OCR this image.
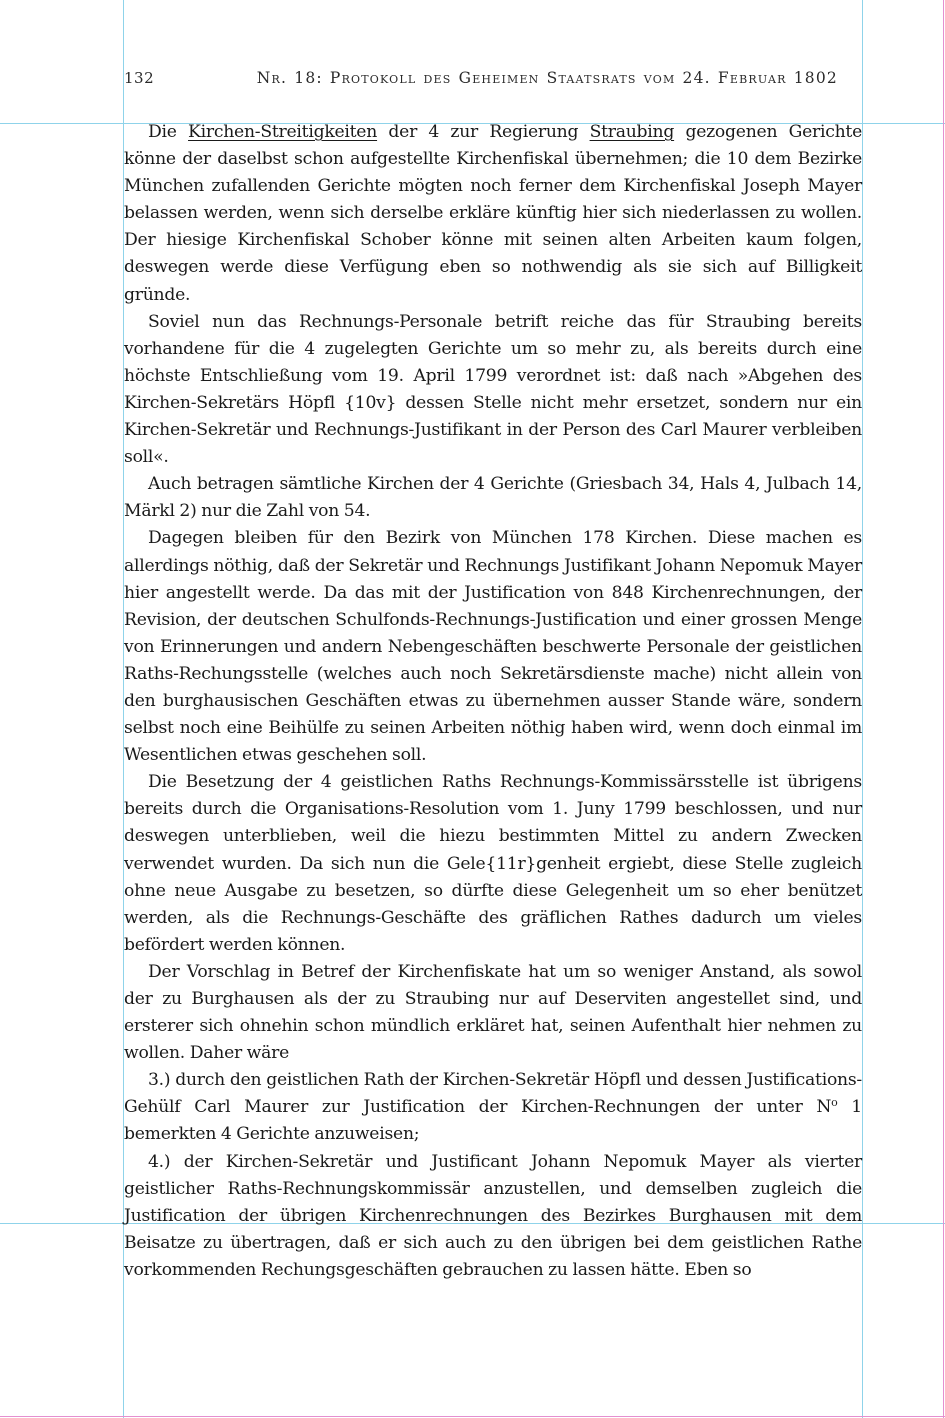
132	Nr. 18: Protokoll des Geheimen Staatsrats vom 24. Februar 1802

Die Kirchen-Streitigkeiten der 4 zur Regierung Straubing gezogenen Gerichte könne der daselbst schon aufgestellte Kirchenfiskal übernehmen; die 10 dem Bezirke München zufallenden Gerichte mögten noch ferner dem Kirchenfiskal Joseph Mayer belassen werden, wenn sich derselbe erkläre künftig hier sich niederlassen zu wollen. Der hiesige Kirchenfiskal Schober könne mit seinen alten Arbeiten kaum folgen, deswegen werde diese Verfügung eben so nothwendig als sie sich auf Billigkeit gründe.

Soviel nun das Rechnungs-Personale betrift reiche das für Straubing bereits vorhandene für die 4 zugelegten Gerichte um so mehr zu, als bereits durch eine höchste Entschließung vom 19. April 1799 verordnet ist: daß nach »Abgehen des Kirchen-Sekretärs Höpfl {10v} dessen Stelle nicht mehr ersetzet, sondern nur ein Kirchen-Sekretär und Rechnungs-Justifikant in der Person des Carl Maurer verbleiben soll«.

Auch betragen sämtliche Kirchen der 4 Gerichte (Griesbach 34, Hals 4, Julbach 14, Märkl 2) nur die Zahl von 54.

Dagegen bleiben für den Bezirk von München 178 Kirchen. Diese machen es allerdings nöthig, daß der Sekretär und Rechnungs Justifikant Johann Nepomuk Mayer hier angestellt werde. Da das mit der Justification von 848 Kirchenrechnungen, der Revision, der deutschen Schulfonds-Rechnungs-Justification und einer grossen Menge von Erinnerungen und andern Nebengeschäften beschwerte Personale der geistlichen Raths-Rechungsstelle (welches auch noch Sekretärsdienste mache) nicht allein von den burghausischen Geschäften etwas zu übernehmen ausser Stande wäre, sondern selbst noch eine Beihülfe zu seinen Arbeiten nöthig haben wird, wenn doch einmal im Wesentlichen etwas geschehen soll.

Die Besetzung der 4 geistlichen Raths Rechnungs-Kommissärsstelle ist übrigens bereits durch die Organisations-Resolution vom 1. Juny 1799 beschlossen, und nur deswegen unterblieben, weil die hiezu bestimmten Mittel zu andern Zwecken verwendet wurden. Da sich nun die Gele{11r}genheit ergiebt, diese Stelle zugleich ohne neue Ausgabe zu besetzen, so dürfte diese Gelegenheit um so eher benützet werden, als die Rechnungs-Geschäfte des gräflichen Rathes dadurch um vieles befördert werden können.

Der Vorschlag in Betref der Kirchenfiskate hat um so weniger Anstand, als sowol der zu Burghausen als der zu Straubing nur auf Deserviten angestellet sind, und ersterer sich ohnehin schon mündlich erkläret hat, seinen Aufenthalt hier nehmen zu wollen. Daher wäre

3.) durch den geistlichen Rath der Kirchen-Sekretär Höpfl und dessen Justifications-Gehülf Carl Maurer zur Justification der Kirchen-Rechnungen der unter $N^o$ 1 bemerkten 4 Gerichte anzuweisen;

4.) der Kirchen-Sekretär und Justificant Johann Nepomuk Mayer als vierter geistlicher Raths-Rechnungskommissär anzustellen, und demselben zugleich die Justification der übrigen Kirchenrechnungen des Bezirkes Burghausen mit dem Beisatze zu übertragen, daß er sich auch zu den übrigen bei dem geistlichen Rathe vorkommenden Rechungsgeschäften gebrauchen zu lassen hätte. Eben so
